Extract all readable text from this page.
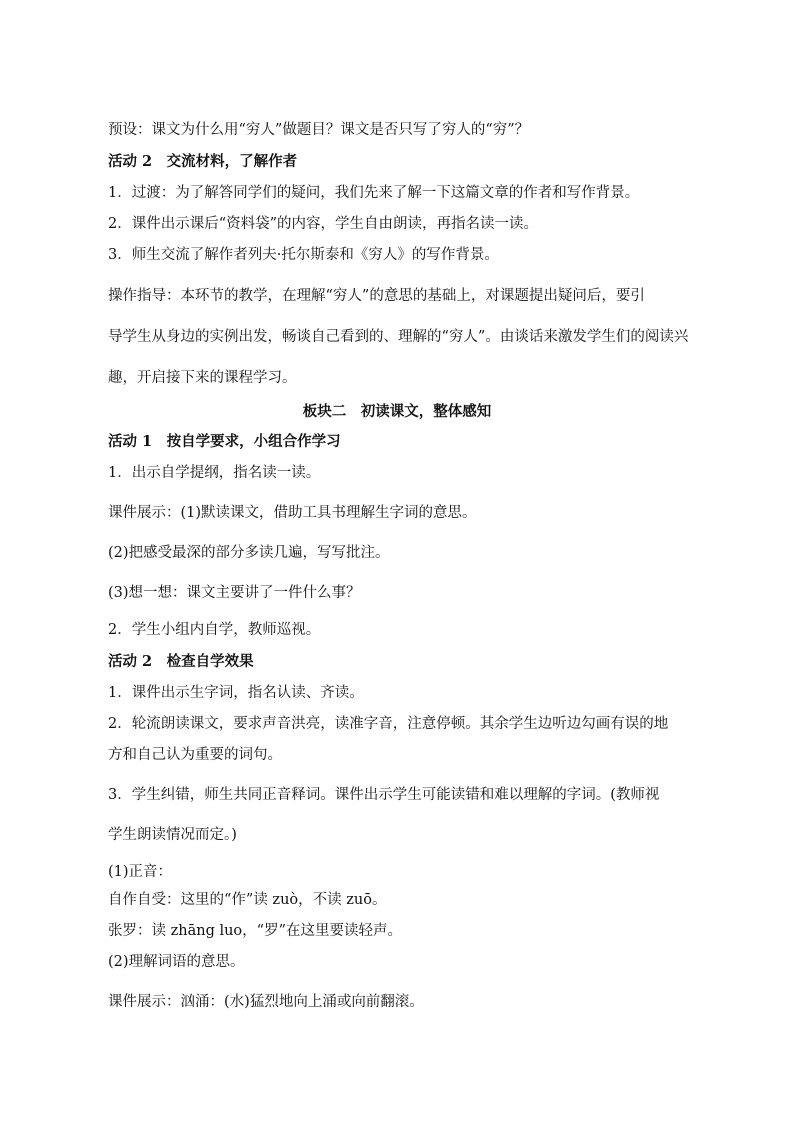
预设：课文为什么用“穷人”做题目？课文是否只写了穷人的“穷”？
活动 2　交流材料，了解作者
1．过渡：为了解答同学们的疑问，我们先来了解一下这篇文章的作者和写作背景。
2．课件出示课后“资料袋”的内容，学生自由朗读，再指名读一读。
3．师生交流了解作者列夫·托尔斯泰和《穷人》的写作背景。
操作指导：本环节的教学，在理解“穷人”的意思的基础上，对课题提出疑问后，要引
导学生从身边的实例出发，畅谈自己看到的、理解的“穷人”。由谈话来激发学生们的阅读兴
趣，开启接下来的课程学习。
板块二　初读课文，整体感知
活动 1　按自学要求，小组合作学习
1．出示自学提纲，指名读一读。
课件展示：(1)默读课文，借助工具书理解生字词的意思。
(2)把感受最深的部分多读几遍，写写批注。
(3)想一想：课文主要讲了一件什么事？
2．学生小组内自学，教师巡视。
活动 2　检查自学效果
1．课件出示生字词，指名认读、齐读。
2．轮流朗读课文，要求声音洪亮，读准字音，注意停顿。其余学生边听边勾画有误的地
方和自己认为重要的词句。
3．学生纠错，师生共同正音释词。课件出示学生可能读错和难以理解的字词。(教师视
学生朗读情况而定。)
(1)正音：
自作自受：这里的“作”读 zuò，不读 zuō。
张罗：读 zhāng luo，“罗”在这里要读轻声。
(2)理解词语的意思。
课件展示：汹涌：(水)猛烈地向上涌或向前翻滚。
